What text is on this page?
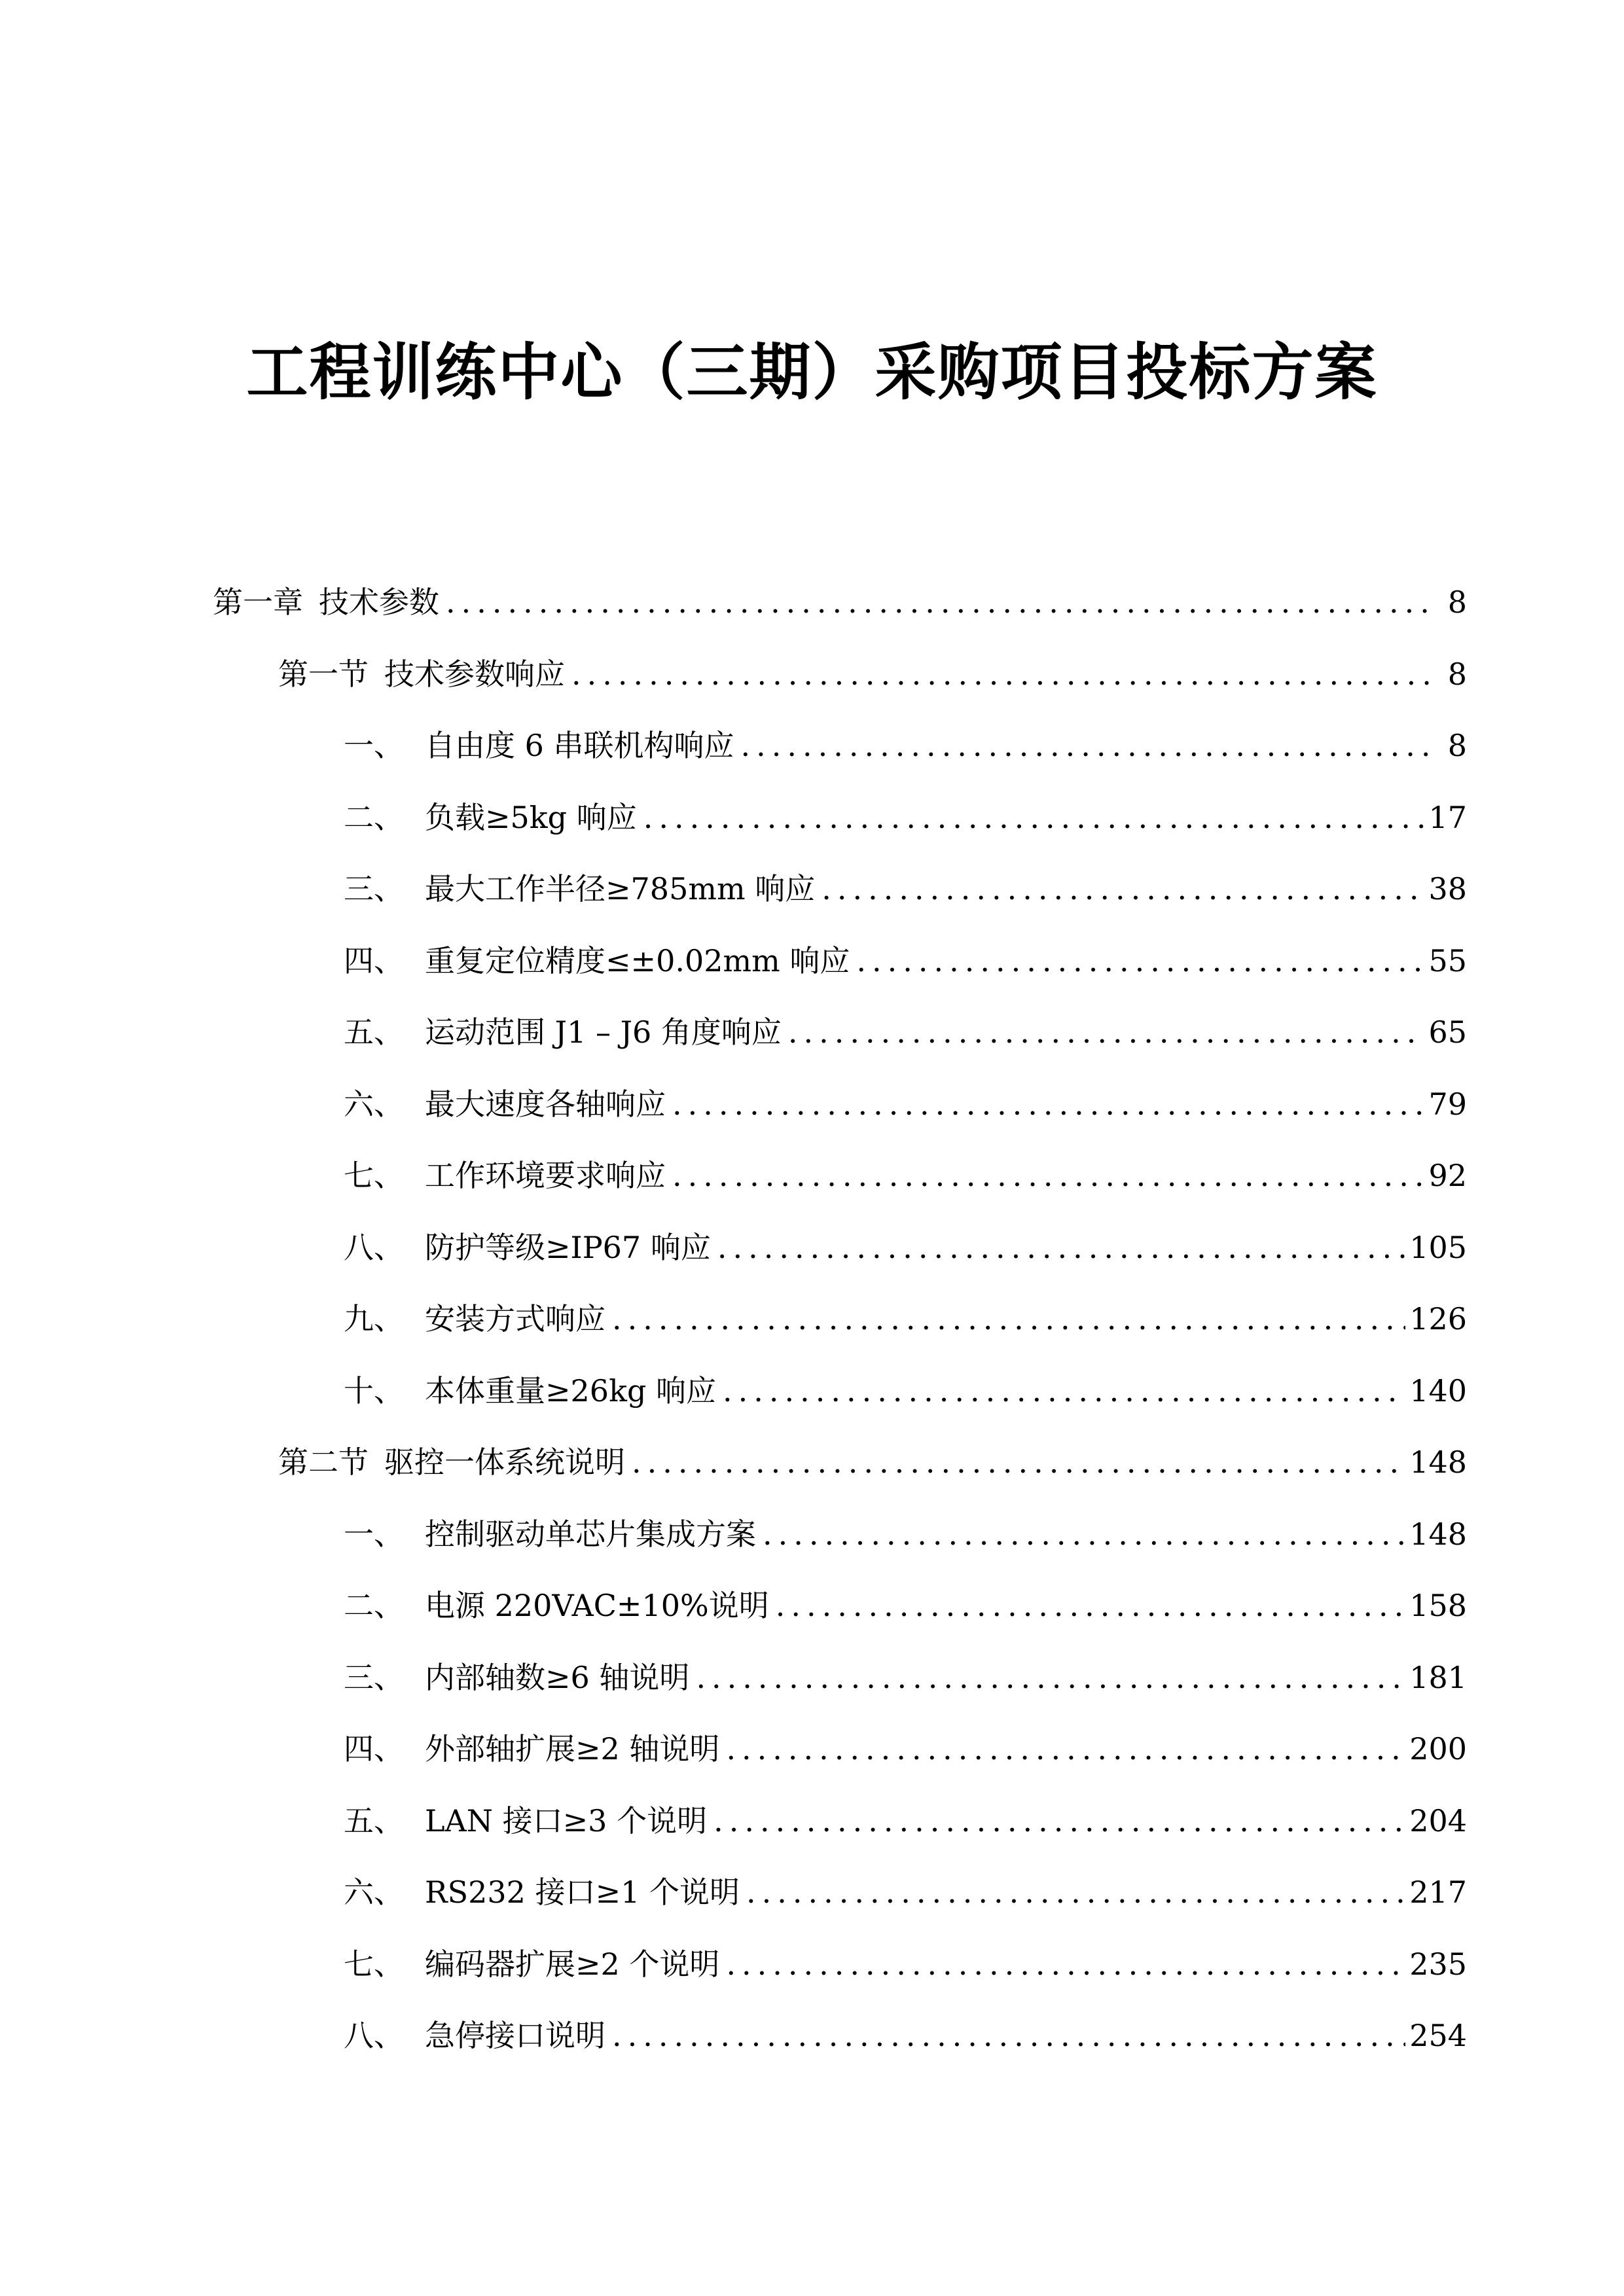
工程训练中心（三期）采购项目投标方案
第一章 技术参数 .....	8
第一节 技术参数响应 .....	8
一、 自由度 6 串联机构响应 .....	8
二、 负载≥5kg 响应 .....	17
三、 最大工作半径≥785mm 响应 .....	38
四、 重复定位精度≤±0.02mm 响应 .....	55
五、 运动范围 J1 – J6 角度响应 .....	65
六、 最大速度各轴响应 .....	79
七、 工作环境要求响应 .....	92
八、 防护等级≥IP67 响应 .....	105
九、 安装方式响应 .....	126
十、 本体重量≥26kg 响应 .....	140
第二节 驱控一体系统说明 .....	148
一、 控制驱动单芯片集成方案 .....	148
二、 电源 220VAC±10%说明 .....	158
三、 内部轴数≥6 轴说明 .....	181
四、 外部轴扩展≥2 轴说明 .....	200
五、 LAN 接口≥3 个说明 .....	204
六、 RS232 接口≥1 个说明 .....	217
七、 编码器扩展≥2 个说明 .....	235
八、 急停接口说明 .....	254
